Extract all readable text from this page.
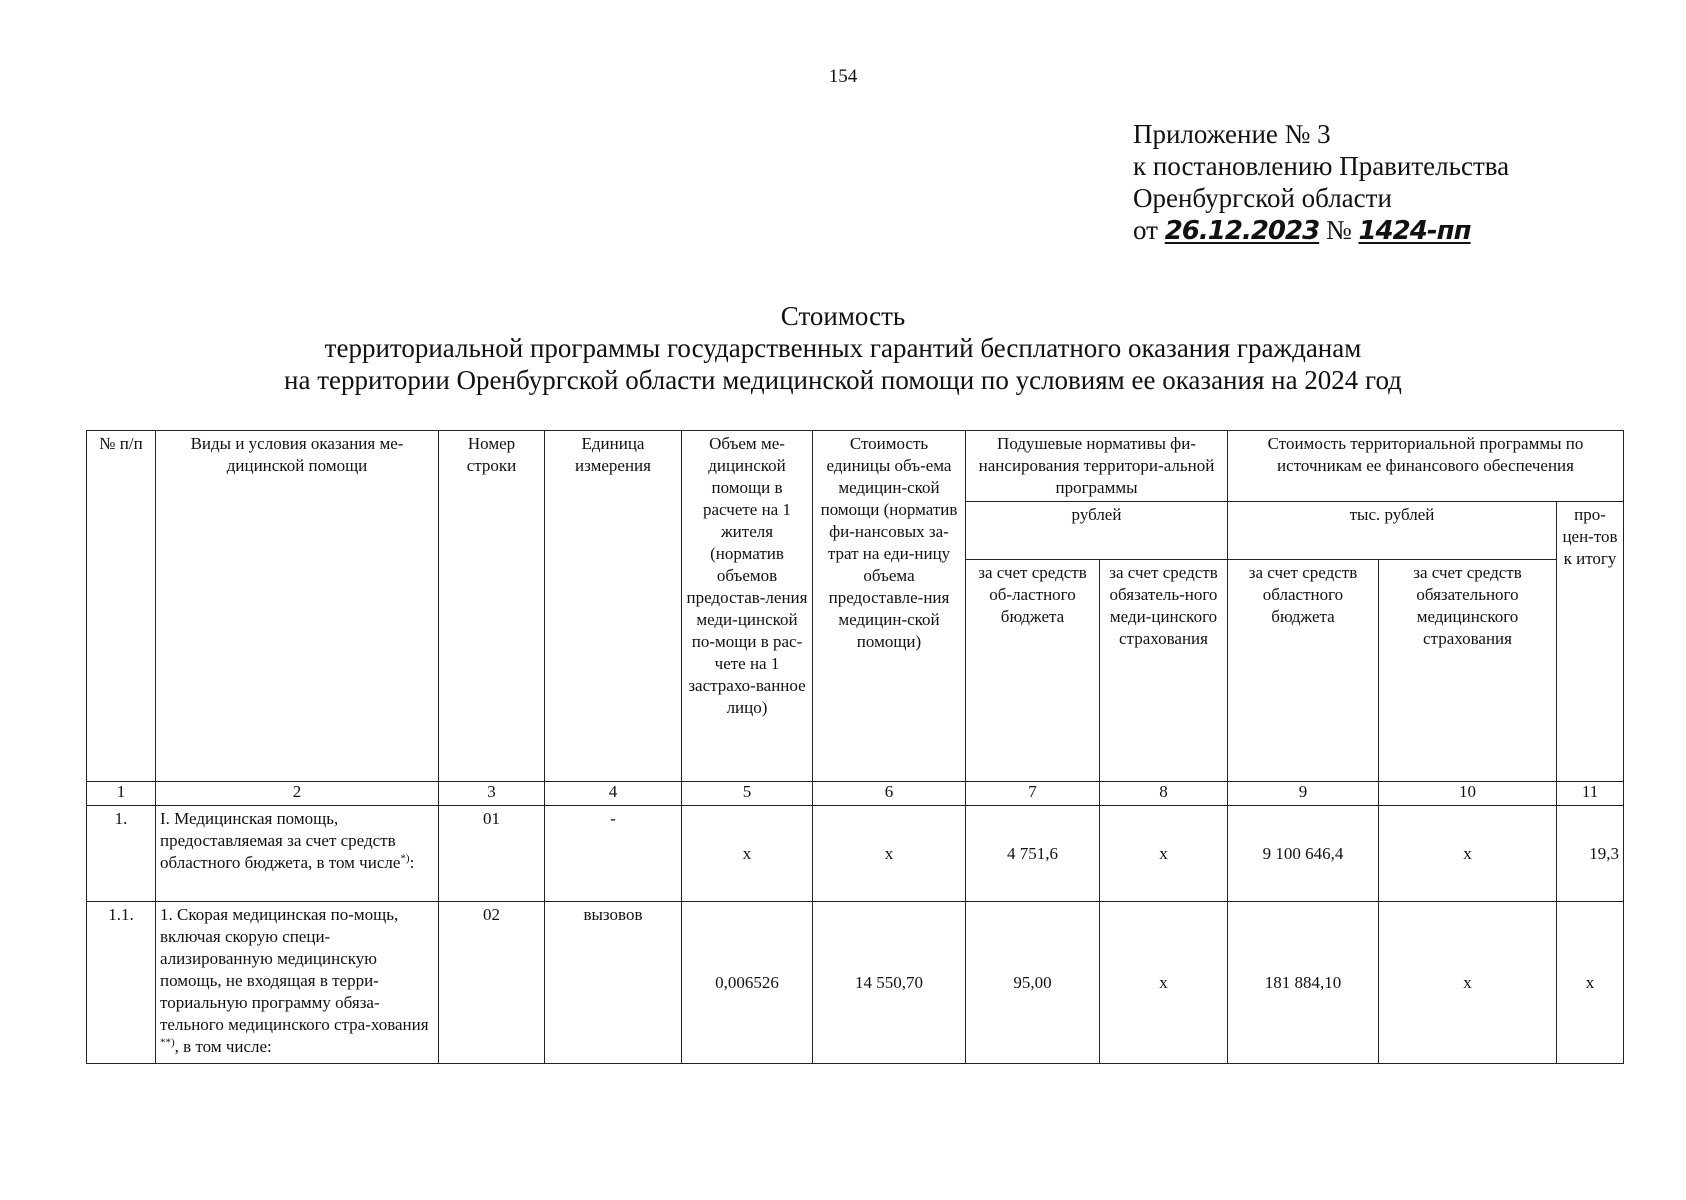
154
Приложение № 3
к постановлению Правительства
Оренбургской области
от 26.12.2023 № 1424-пп
Стоимость
территориальной программы государственных гарантий бесплатного оказания гражданам
на территории Оренбургской области медицинской помощи по условиям ее оказания на 2024 год
№ п/п	Виды и условия оказания ме-дицинской помощи	Номер строки	Единица измерения	Объем ме-дицинской помощи в расчете на 1 жителя (норматив объемов предостав-ления меди-цинской по-мощи в рас-чете на 1 застрахо-ванное лицо)	Стоимость единицы объ-ема медицин-ской помощи (норматив фи-нансовых за-трат на еди-ницу объема предоставле-ния медицин-ской помощи)	Подушевые нормативы фи-нансирования территори-альной программы		Стоимость территориальной программы по источникам ее финансового обеспечения		
						рублей		тыс. рублей		про-цен-тов к итогу
						за счет средств об-ластного бюджета	за счет средств обязатель-ного меди-цинского страхования	за счет средств областного бюджета	за счет средств обязательного медицинского страхования	
1	2	3	4	5	6	7	8	9	10	11
1.	I. Медицинская помощь, предоставляемая за счет средств областного бюджета, в том числе*):	01	-	х	х	4 751,6	х	9 100 646,4	х	19,3
1.1.	1. Скорая медицинская по-мощь, включая скорую специ-ализированную медицинскую помощь, не входящая в терри-ториальную программу обяза-тельного медицинского стра-хования **), в том числе:	02	вызовов	0,006526	14 550,70	95,00	х	181 884,10	х	х
